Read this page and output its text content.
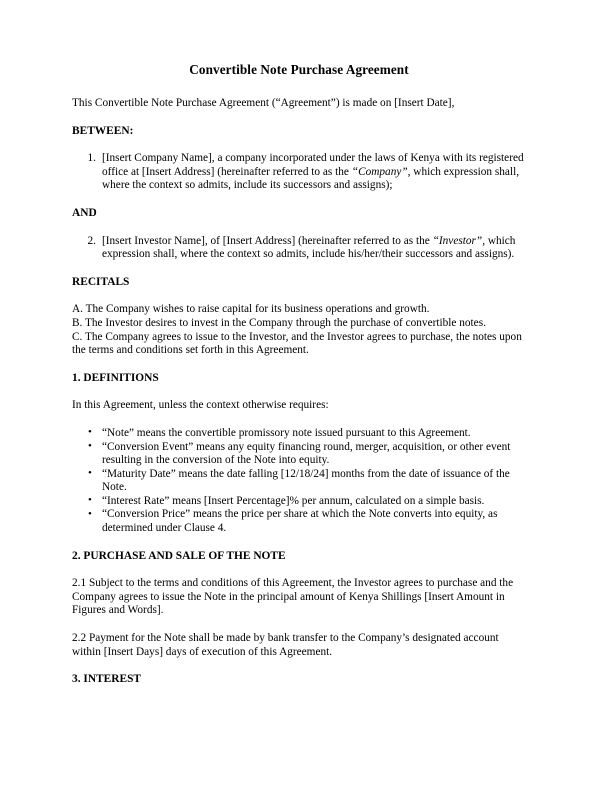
Convertible Note Purchase Agreement

This Convertible Note Purchase Agreement (“Agreement”) is made on [Insert Date],

BETWEEN:
1. [Insert Company Name], a company incorporated under the laws of Kenya with its registered office at [Insert Address] (hereinafter referred to as the “Company”, which expression shall, where the context so admits, include its successors and assigns);
AND
2. [Insert Investor Name], of [Insert Address] (hereinafter referred to as the “Investor”, which expression shall, where the context so admits, include his/her/their successors and assigns).
RECITALS
A. The Company wishes to raise capital for its business operations and growth.
B. The Investor desires to invest in the Company through the purchase of convertible notes.
C. The Company agrees to issue to the Investor, and the Investor agrees to purchase, the notes upon the terms and conditions set forth in this Agreement.
1. DEFINITIONS

In this Agreement, unless the context otherwise requires:

• “Note” means the convertible promissory note issued pursuant to this Agreement.
• “Conversion Event” means any equity financing round, merger, acquisition, or other event resulting in the conversion of the Note into equity.
• “Maturity Date” means the date falling [12/18/24] months from the date of issuance of the Note.
• “Interest Rate” means [Insert Percentage]% per annum, calculated on a simple basis.
• “Conversion Price” means the price per share at which the Note converts into equity, as determined under Clause 4.
2. PURCHASE AND SALE OF THE NOTE

2.1 Subject to the terms and conditions of this Agreement, the Investor agrees to purchase and the Company agrees to issue the Note in the principal amount of Kenya Shillings [Insert Amount in Figures and Words].

2.2 Payment for the Note shall be made by bank transfer to the Company’s designated account within [Insert Days] days of execution of this Agreement.

3. INTEREST
